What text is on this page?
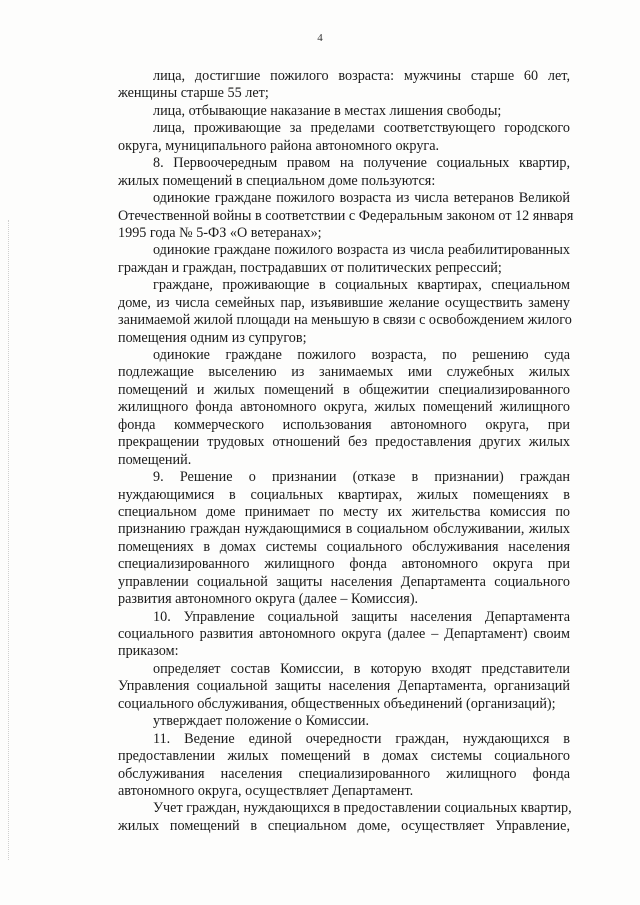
4
лица, достигшие пожилого возраста: мужчины старше 60 лет,
женщины старше 55 лет;
лица, отбывающие наказание в местах лишения свободы;
лица, проживающие за пределами соответствующего городского
округа, муниципального района автономного округа.
8. Первоочередным правом на получение социальных квартир,
жилых помещений в специальном доме пользуются:
одинокие граждане пожилого возраста из числа ветеранов Великой
Отечественной войны в соответствии с Федеральным законом от 12 января
1995 года № 5-ФЗ «О ветеранах»;
одинокие граждане пожилого возраста из числа реабилитированных
граждан и граждан, пострадавших от политических репрессий;
граждане, проживающие в социальных квартирах, специальном
доме, из числа семейных пар, изъявившие желание осуществить замену
занимаемой жилой площади на меньшую в связи с освобождением жилого
помещения одним из супругов;
одинокие граждане пожилого возраста, по решению суда
подлежащие выселению из занимаемых ими служебных жилых
помещений и жилых помещений в общежитии специализированного
жилищного фонда автономного округа, жилых помещений жилищного
фонда коммерческого использования автономного округа, при
прекращении трудовых отношений без предоставления других жилых
помещений.
9. Решение о признании (отказе в признании) граждан
нуждающимися в социальных квартирах, жилых помещениях в
специальном доме принимает по месту их жительства комиссия по
признанию граждан нуждающимися в социальном обслуживании, жилых
помещениях в домах системы социального обслуживания населения
специализированного жилищного фонда автономного округа при
управлении социальной защиты населения Департамента социального
развития автономного округа (далее – Комиссия).
10. Управление социальной защиты населения Департамента
социального развития автономного округа (далее – Департамент) своим
приказом:
определяет состав Комиссии, в которую входят представители
Управления социальной защиты населения Департамента, организаций
социального обслуживания, общественных объединений (организаций);
утверждает положение о Комиссии.
11. Ведение единой очередности граждан, нуждающихся в
предоставлении жилых помещений в домах системы социального
обслуживания населения специализированного жилищного фонда
автономного округа, осуществляет Департамент.
Учет граждан, нуждающихся в предоставлении социальных квартир,
жилых помещений в специальном доме, осуществляет Управление,
